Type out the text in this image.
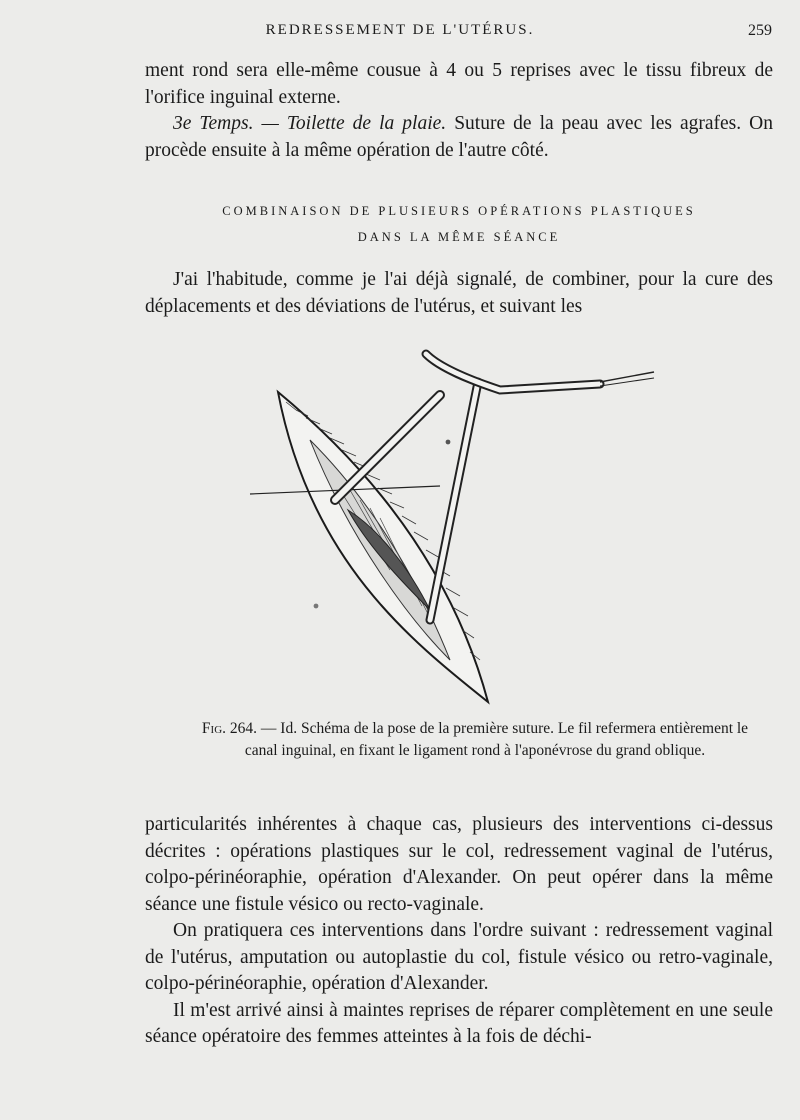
REDRESSEMENT DE L'UTÉRUS.	259

ment rond sera elle-même cousue à 4 ou 5 reprises avec le tissu fibreux de l'orifice inguinal externe.

3e Temps. — Toilette de la plaie. Suture de la peau avec les agrafes. On procède ensuite à la même opération de l'autre côté.

COMBINAISON DE PLUSIEURS OPÉRATIONS PLASTIQUES
DANS LA MÊME SÉANCE

J'ai l'habitude, comme je l'ai déjà signalé, de combiner, pour la cure des déplacements et des déviations de l'utérus, et suivant les

Fig. 264. — Id. Schéma de la pose de la première suture. Le fil refermera entièrement le canal inguinal, en fixant le ligament rond à l'aponévrose du grand oblique.

particularités inhérentes à chaque cas, plusieurs des interventions ci-dessus décrites : opérations plastiques sur le col, redressement vaginal de l'utérus, colpo-périnéoraphie, opération d'Alexander. On peut opérer dans la même séance une fistule vésico ou recto-vaginale.

On pratiquera ces interventions dans l'ordre suivant : redressement vaginal de l'utérus, amputation ou autoplastie du col, fistule vésico ou retro-vaginale, colpo-périnéoraphie, opération d'Alexander.

Il m'est arrivé ainsi à maintes reprises de réparer complètement en une seule séance opératoire des femmes atteintes à la fois de déchi-
